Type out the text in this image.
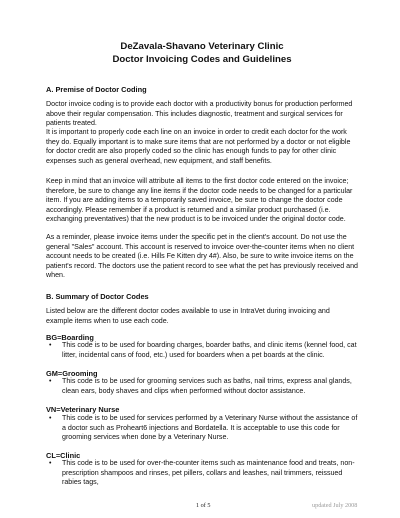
DeZavala-Shavano Veterinary Clinic
Doctor Invoicing Codes and Guidelines
A. Premise of Doctor Coding
Doctor invoice coding is to provide each doctor with a productivity bonus for production performed above their regular compensation. This includes diagnostic, treatment and surgical services for patients treated.
It is important to properly code each line on an invoice in order to credit each doctor for the work they do. Equally important is to make sure items that are not performed by a doctor or not eligible for doctor credit are also properly coded so the clinic has enough funds to pay for other clinic expenses such as general overhead, new equipment, and staff benefits.
Keep in mind that an invoice will attribute all items to the first doctor code entered on the invoice; therefore, be sure to change any line items if the doctor code needs to be changed for a particular item. If you are adding items to a temporarily saved invoice, be sure to change the doctor code accordingly. Please remember if a product is returned and a similar product purchased (i.e. exchanging preventatives) that the new product is to be invoiced under the original doctor code.
As a reminder, please invoice items under the specific pet in the client's account. Do not use the general "Sales" account. This account is reserved to invoice over-the-counter items when no client account needs to be created (i.e. Hills Fe Kitten dry 4#). Also, be sure to write invoice items on the patient's record. The doctors use the patient record to see what the pet has previously received and when.
B. Summary of Doctor Codes
Listed below are the different doctor codes available to use in IntraVet during invoicing and example items when to use each code.
BG=Boarding
• This code is to be used for boarding charges, boarder baths, and clinic items (kennel food, cat litter, incidental cans of food, etc.) used for boarders when a pet boards at the clinic.
GM=Grooming
• This code is to be used for grooming services such as baths, nail trims, express anal glands, clean ears, body shaves and clips when performed without doctor assistance.
VN=Veterinary Nurse
• This code is to be used for services performed by a Veterinary Nurse without the assistance of a doctor such as Proheart6 injections and Bordatella. It is acceptable to use this code for grooming services when done by a Veterinary Nurse.
CL=Clinic
• This code is to be used for over-the-counter items such as maintenance food and treats, non-prescription shampoos and rinses, pet pillers, collars and leashes, nail trimmers, reissued rabies tags,
1 of 5	updated July 2008
